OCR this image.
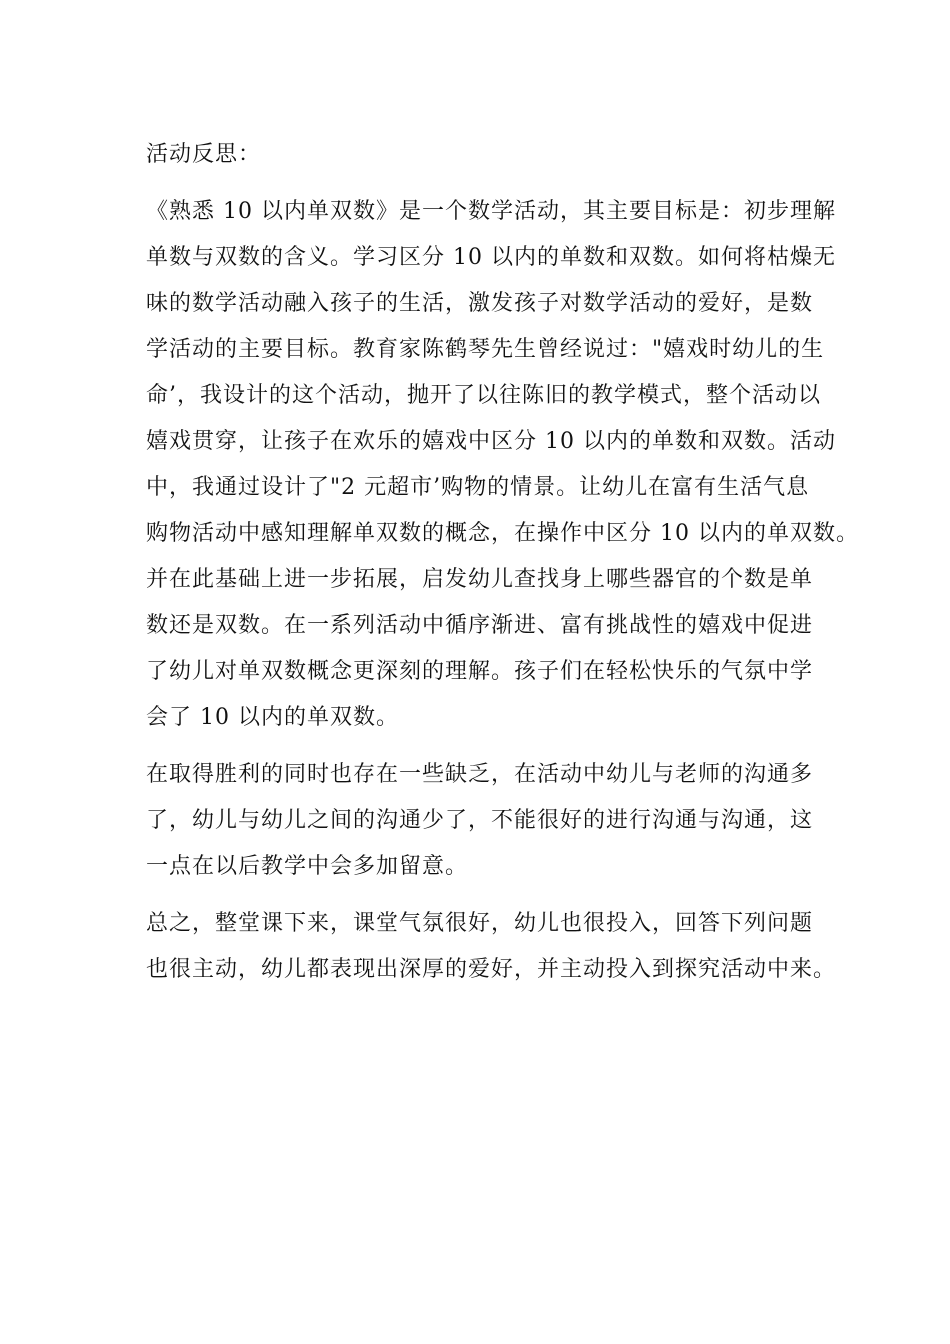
活动反思：
《熟悉 10 以内单双数》是一个数学活动，其主要目标是：初步理解
单数与双数的含义。学习区分 10 以内的单数和双数。如何将枯燥无
味的数学活动融入孩子的生活，激发孩子对数学活动的爱好，是数
学活动的主要目标。教育家陈鹤琴先生曾经说过："嬉戏时幼儿的生
命’，我设计的这个活动，抛开了以往陈旧的教学模式，整个活动以
嬉戏贯穿，让孩子在欢乐的嬉戏中区分 10 以内的单数和双数。活动
中，我通过设计了"2 元超市’购物的情景。让幼儿在富有生活气息
购物活动中感知理解单双数的概念，在操作中区分 10 以内的单双数。
并在此基础上进一步拓展，启发幼儿查找身上哪些器官的个数是单
数还是双数。在一系列活动中循序渐进、富有挑战性的嬉戏中促进
了幼儿对单双数概念更深刻的理解。孩子们在轻松快乐的气氛中学
会了 10 以内的单双数。
在取得胜利的同时也存在一些缺乏，在活动中幼儿与老师的沟通多
了，幼儿与幼儿之间的沟通少了，不能很好的进行沟通与沟通，这
一点在以后教学中会多加留意。
总之，整堂课下来，课堂气氛很好，幼儿也很投入，回答下列问题
也很主动，幼儿都表现出深厚的爱好，并主动投入到探究活动中来。
